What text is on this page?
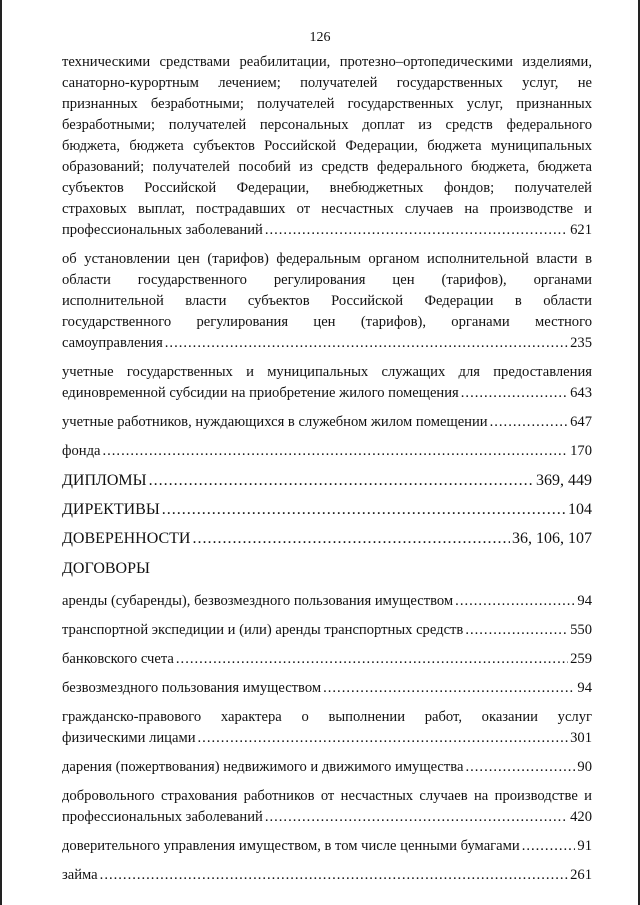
126
техническими средствами реабилитации, протезно–ортопедическими изделиями,
санаторно-курортным лечением; получателей государственных услуг, не
признанных безработными; получателей государственных услуг, признанных
безработными; получателей персональных доплат из средств федерального
бюджета, бюджета субъектов Российской Федерации, бюджета муниципальных
образований; получателей пособий из средств федерального бюджета, бюджета
субъектов Российской Федерации, внебюджетных фондов; получателей
страховых выплат, пострадавших от несчастных случаев на производстве и
профессиональных заболеваний .....	621
об установлении цен (тарифов) федеральным органом исполнительной власти в
области государственного регулирования цен (тарифов), органами
исполнительной власти субъектов Российской Федерации в области
государственного регулирования цен (тарифов), органами местного
самоуправления .....	235
учетные государственных и муниципальных служащих для предоставления
единовременной субсидии на приобретение жилого помещения .....	643
учетные работников, нуждающихся в служебном жилом помещении .....	647
фонда .....	170
ДИПЛОМЫ .....	369, 449
ДИРЕКТИВЫ .....	104
ДОВЕРЕННОСТИ .....	36, 106, 107
ДОГОВОРЫ
аренды (субаренды), безвозмездного пользования имуществом .....	94
транспортной экспедиции и (или) аренды транспортных средств .....	550
банковского счета .....	259
безвозмездного пользования имуществом .....	94
гражданско-правового характера о выполнении работ, оказании услуг
физическими лицами .....	301
дарения (пожертвования) недвижимого и движимого имущества .....	90
добровольного страхования работников от несчастных случаев на производстве и
профессиональных заболеваний .....	420
доверительного управления имуществом, в том числе ценными бумагами .....	91
займа .....	261
